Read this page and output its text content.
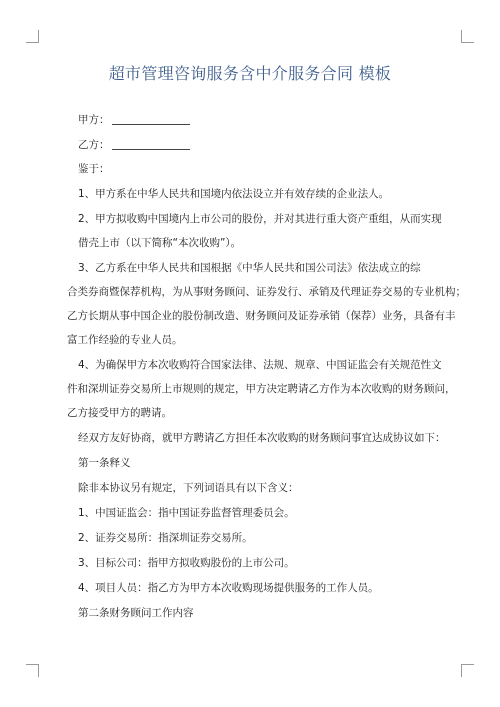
超市管理咨询服务含中介服务合同 模板
甲方：
乙方：
鉴于：
1、甲方系在中华人民共和国境内依法设立并有效存续的企业法人。
2、甲方拟收购中国境内上市公司的股份，并对其进行重大资产重组，从而实现
借壳上市（以下简称“本次收购”）。
3、乙方系在中华人民共和国根据《中华人民共和国公司法》依法成立的综
合类券商暨保荐机构，为从事财务顾问、证券发行、承销及代理证券交易的专业机构；
乙方长期从事中国企业的股份制改造、财务顾问及证券承销（保荐）业务，具备有丰
富工作经验的专业人员。
4、为确保甲方本次收购符合国家法律、法规、规章、中国证监会有关规范性文
件和深圳证券交易所上市规则的规定，甲方决定聘请乙方作为本次收购的财务顾问，
乙方接受甲方的聘请。
经双方友好协商，就甲方聘请乙方担任本次收购的财务顾问事宜达成协议如下：
第一条释义
除非本协议另有规定，下列词语具有以下含义：
1、中国证监会：指中国证券监督管理委员会。
2、证券交易所：指深圳证券交易所。
3、目标公司：指甲方拟收购股份的上市公司。
4、项目人员：指乙方为甲方本次收购现场提供服务的工作人员。
第二条财务顾问工作内容
